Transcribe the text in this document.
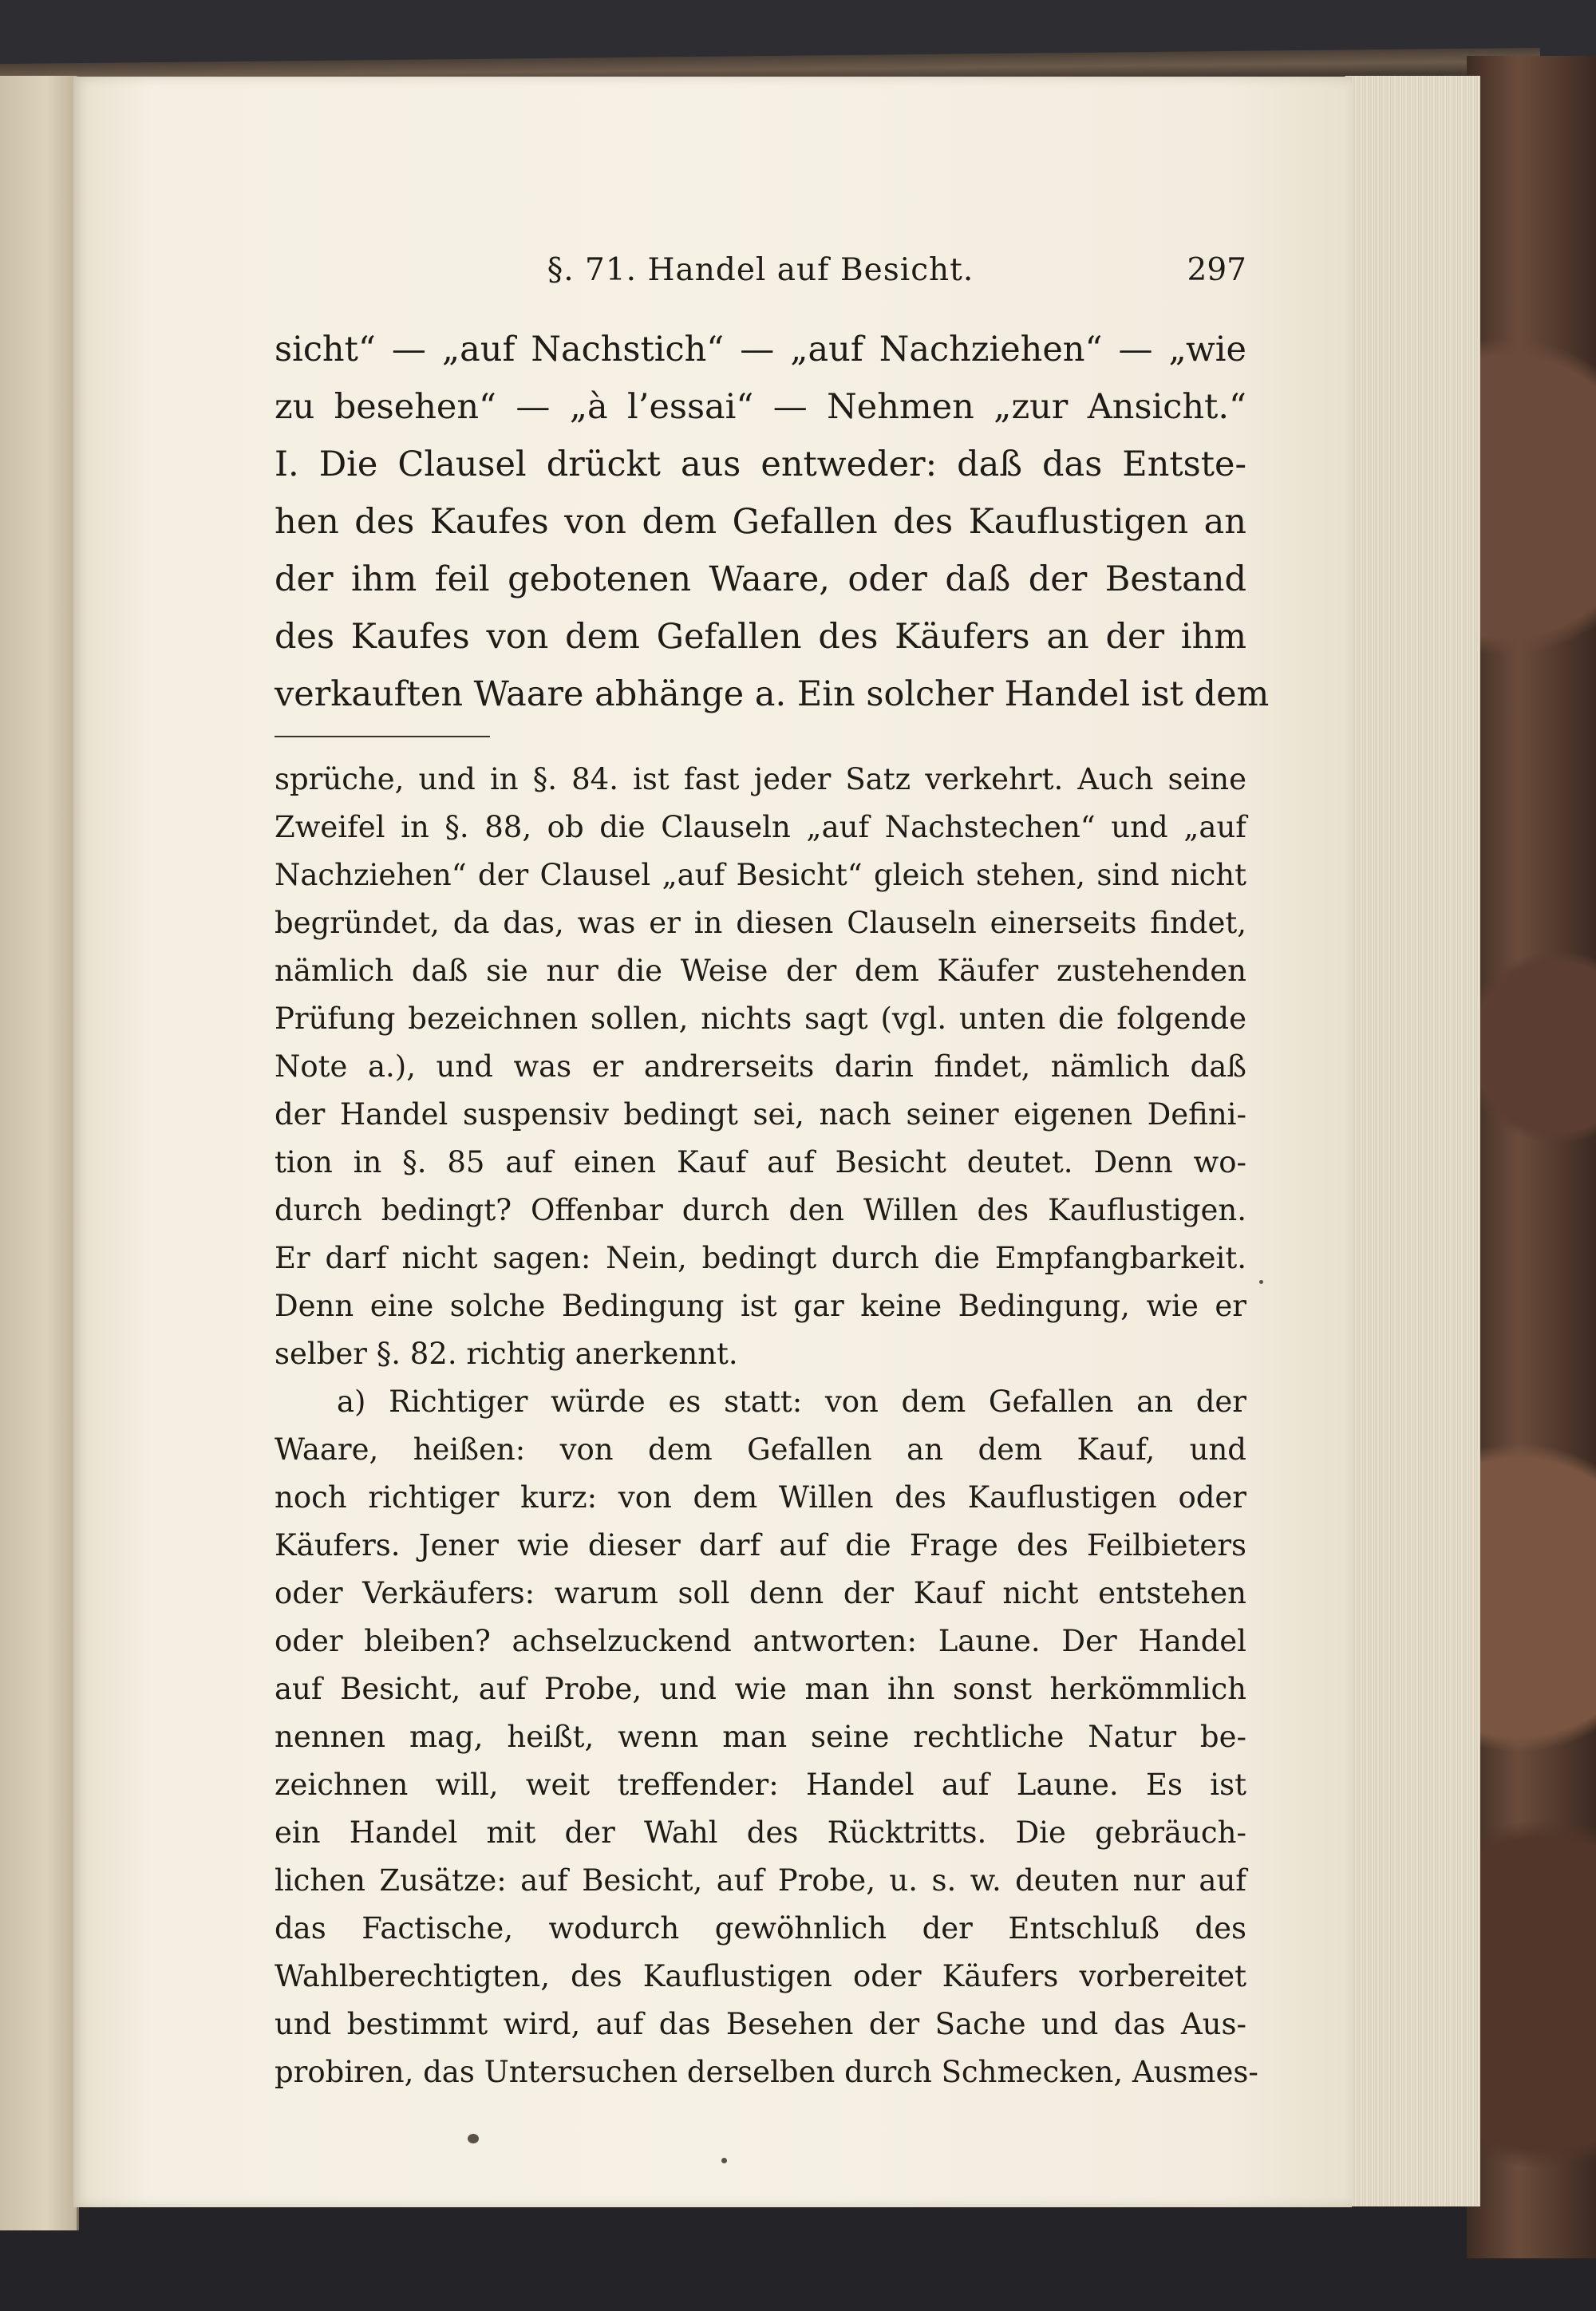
§. 71. Handel auf Besicht.	297
sicht“ — „auf Nachstich“ — „auf Nachziehen“ — „wie
zu besehen“ — „à l’essai“ — Nehmen „zur Ansicht.“
I. Die Clausel drückt aus entweder: daß das Entste-
hen des Kaufes von dem Gefallen des Kauflustigen an
der ihm feil gebotenen Waare, oder daß der Bestand
des Kaufes von dem Gefallen des Käufers an der ihm
verkauften Waare abhänge a. Ein solcher Handel ist dem
sprüche, und in §. 84. ist fast jeder Satz verkehrt. Auch seine
Zweifel in §. 88, ob die Clauseln „auf Nachstechen“ und „auf
Nachziehen“ der Clausel „auf Besicht“ gleich stehen, sind nicht
begründet, da das, was er in diesen Clauseln einerseits findet,
nämlich daß sie nur die Weise der dem Käufer zustehenden
Prüfung bezeichnen sollen, nichts sagt (vgl. unten die folgende
Note a.), und was er andrerseits darin findet, nämlich daß
der Handel suspensiv bedingt sei, nach seiner eigenen Defini-
tion in §. 85 auf einen Kauf auf Besicht deutet. Denn wo-
durch bedingt? Offenbar durch den Willen des Kauflustigen.
Er darf nicht sagen: Nein, bedingt durch die Empfangbarkeit.
Denn eine solche Bedingung ist gar keine Bedingung, wie er
selber §. 82. richtig anerkennt.
a) Richtiger würde es statt: von dem Gefallen an der
Waare, heißen: von dem Gefallen an dem Kauf, und
noch richtiger kurz: von dem Willen des Kauflustigen oder
Käufers. Jener wie dieser darf auf die Frage des Feilbieters
oder Verkäufers: warum soll denn der Kauf nicht entstehen
oder bleiben? achselzuckend antworten: Laune. Der Handel
auf Besicht, auf Probe, und wie man ihn sonst herkömmlich
nennen mag, heißt, wenn man seine rechtliche Natur be-
zeichnen will, weit treffender: Handel auf Laune. Es ist
ein Handel mit der Wahl des Rücktritts. Die gebräuch-
lichen Zusätze: auf Besicht, auf Probe, u. s. w. deuten nur auf
das Factische, wodurch gewöhnlich der Entschluß des
Wahlberechtigten, des Kauflustigen oder Käufers vorbereitet
und bestimmt wird, auf das Besehen der Sache und das Aus-
probiren, das Untersuchen derselben durch Schmecken, Ausmes-
